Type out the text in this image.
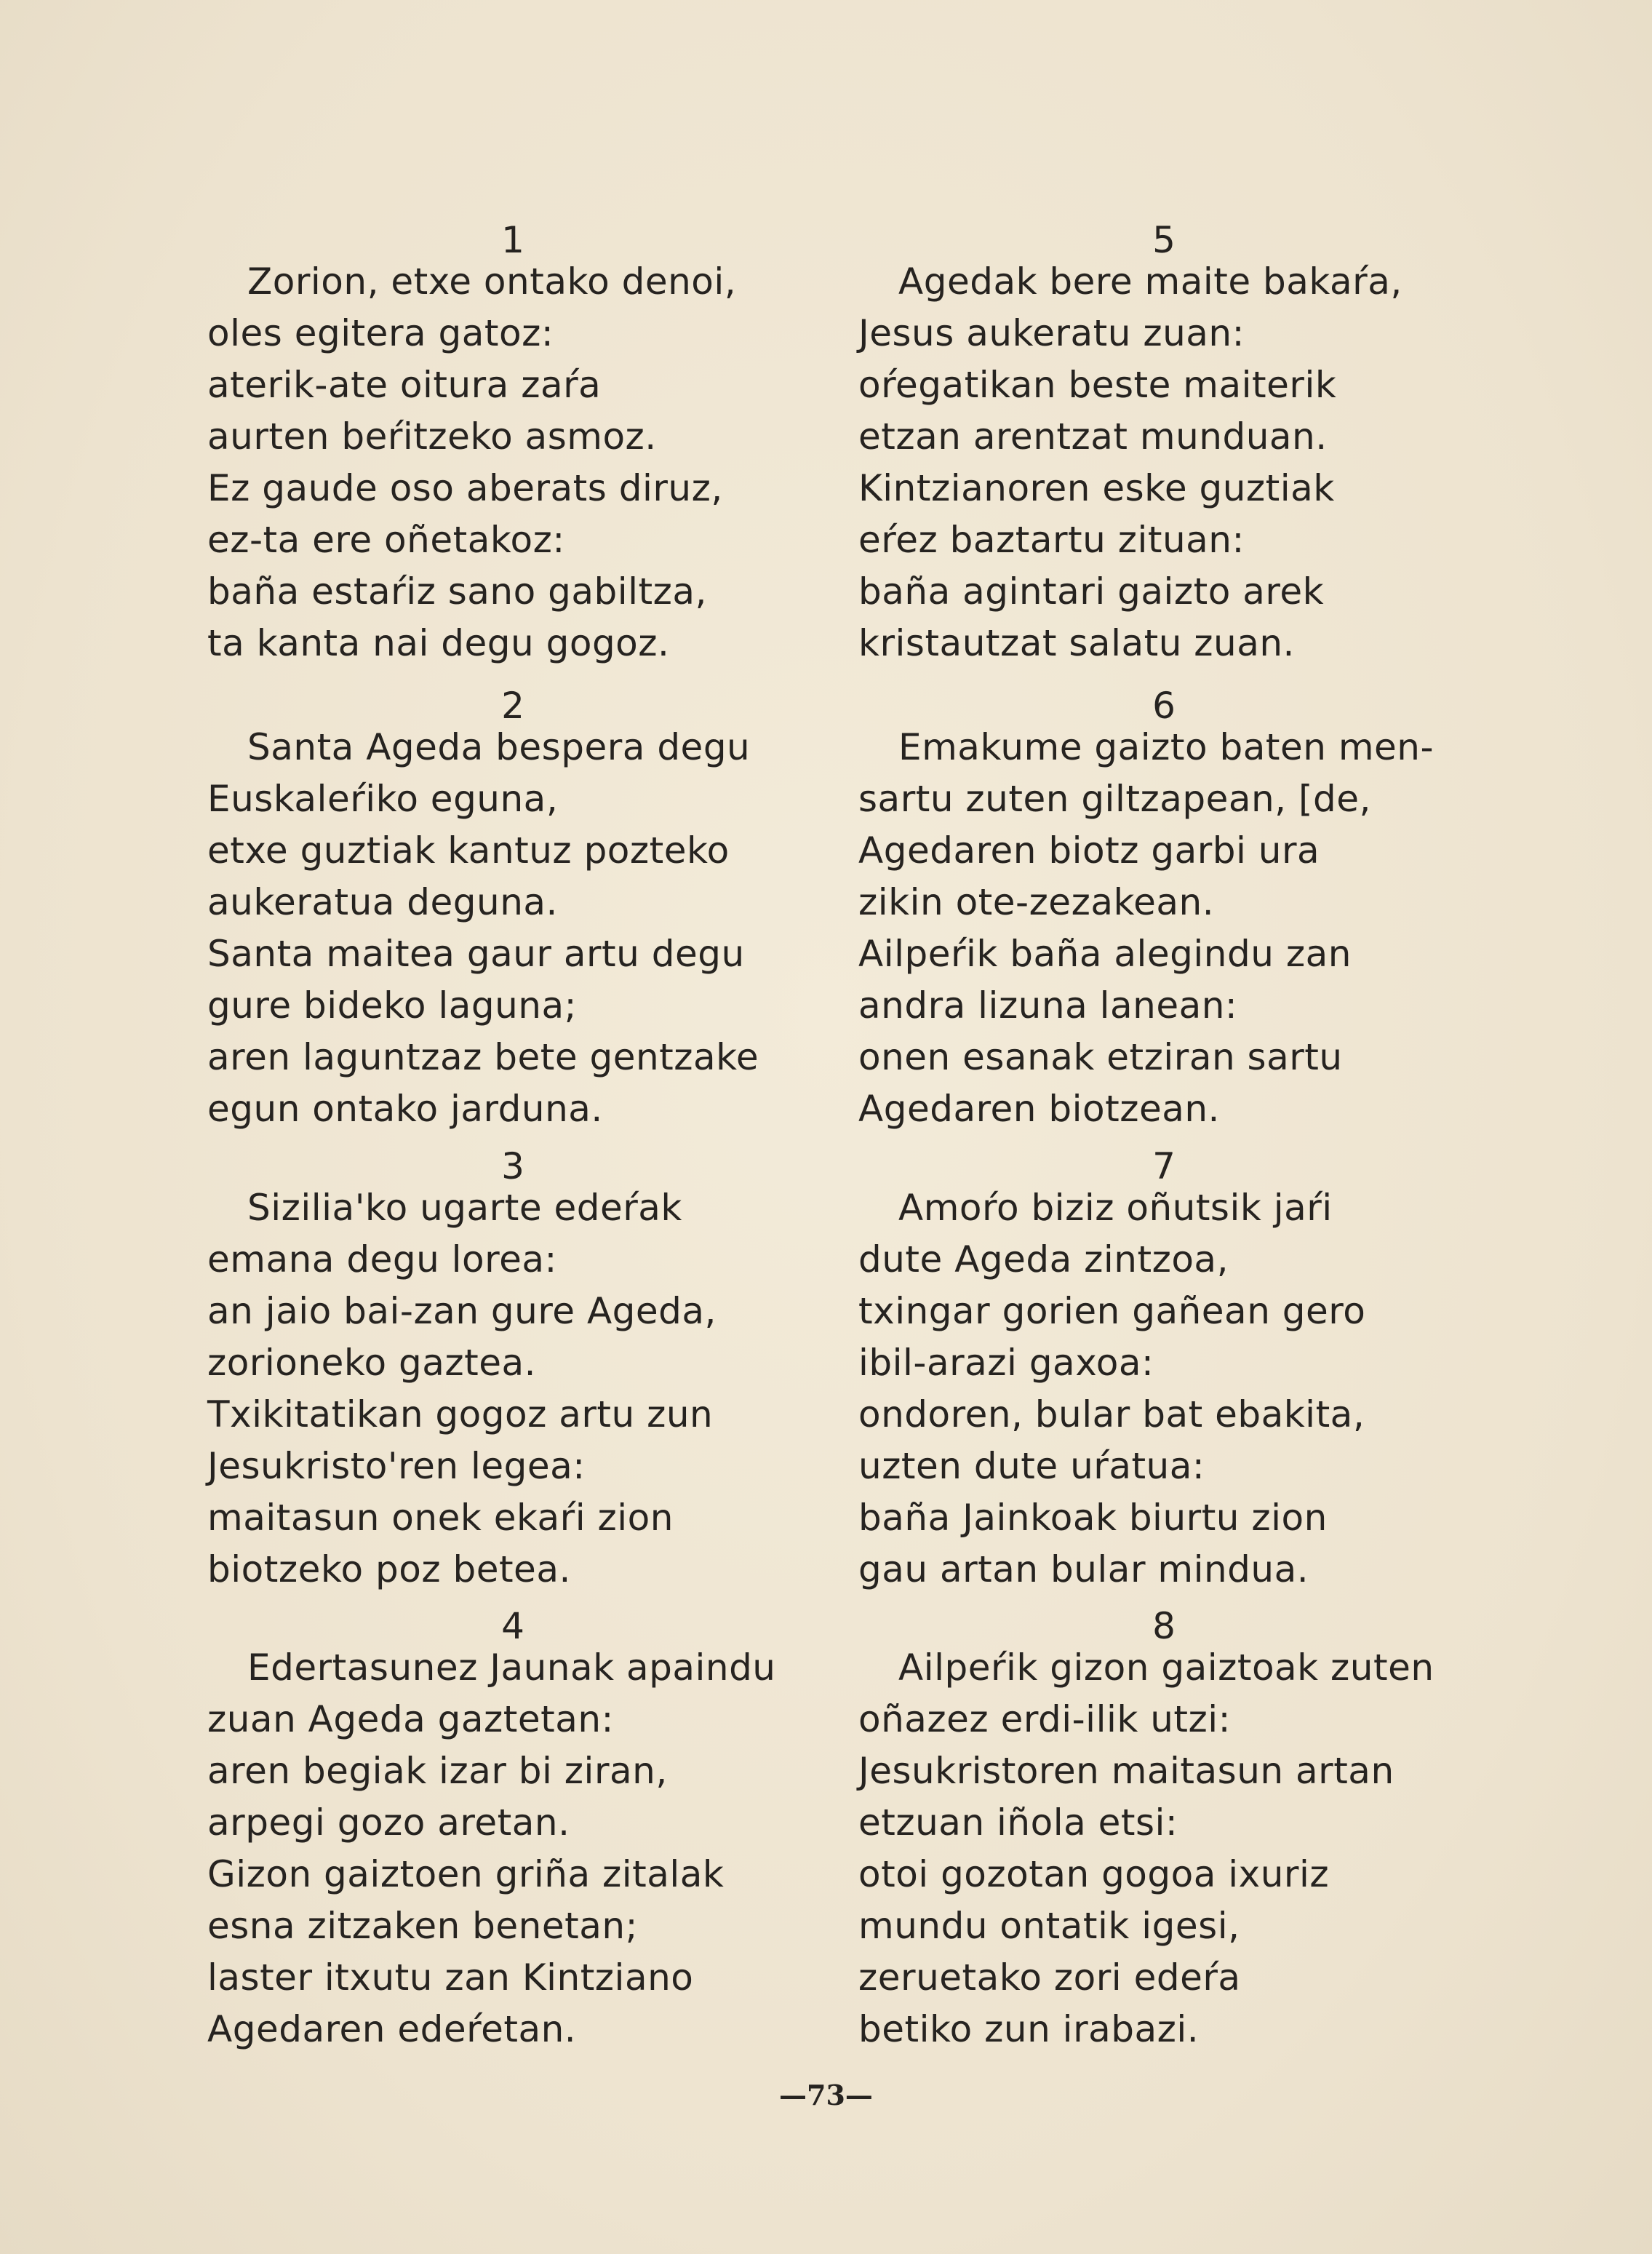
1
Zorion, etxe ontako denoi,
oles egitera gatoz:
aterik-ate oitura zaŕa
aurten beŕitzeko asmoz.
Ez gaude oso aberats diruz,
ez-ta ere oñetakoz:
baña estaŕiz sano gabiltza,
ta kanta nai degu gogoz.
2
Santa Ageda bespera degu
Euskaleŕiko eguna,
etxe guztiak kantuz pozteko
aukeratua deguna.
Santa maitea gaur artu degu
gure bideko laguna;
aren laguntzaz bete gentzake
egun ontako jarduna.
3
Sizilia'ko ugarte edeŕak
emana degu lorea:
an jaio bai-zan gure Ageda,
zorioneko gaztea.
Txikitatikan gogoz artu zun
Jesukristo'ren legea:
maitasun onek ekaŕi zion
biotzeko poz betea.
4
Edertasunez Jaunak apaindu
zuan Ageda gaztetan:
aren begiak izar bi ziran,
arpegi gozo aretan.
Gizon gaiztoen griña zitalak
esna zitzaken benetan;
laster itxutu zan Kintziano
Agedaren edeŕetan.
5
Agedak bere maite bakaŕa,
Jesus aukeratu zuan:
oŕegatikan beste maiterik
etzan arentzat munduan.
Kintzianoren eske guztiak
eŕez baztartu zituan:
baña agintari gaizto arek
kristautzat salatu zuan.
6
Emakume gaizto baten men-
sartu zuten giltzapean, [de,
Agedaren biotz garbi ura
zikin ote-zezakean.
Ailpeŕik baña alegindu zan
andra lizuna lanean:
onen esanak etziran sartu
Agedaren biotzean.
7
Amoŕo biziz oñutsik jaŕi
dute Ageda zintzoa,
txingar gorien gañean gero
ibil-arazi gaxoa:
ondoren, bular bat ebakita,
uzten dute uŕatua:
baña Jainkoak biurtu zion
gau artan bular mindua.
8
Ailpeŕik gizon gaiztoak zuten
oñazez erdi-ilik utzi:
Jesukristoren maitasun artan
etzuan iñola etsi:
otoi gozotan gogoa ixuriz
mundu ontatik igesi,
zeruetako zori edeŕa
betiko zun irabazi.
—73—
